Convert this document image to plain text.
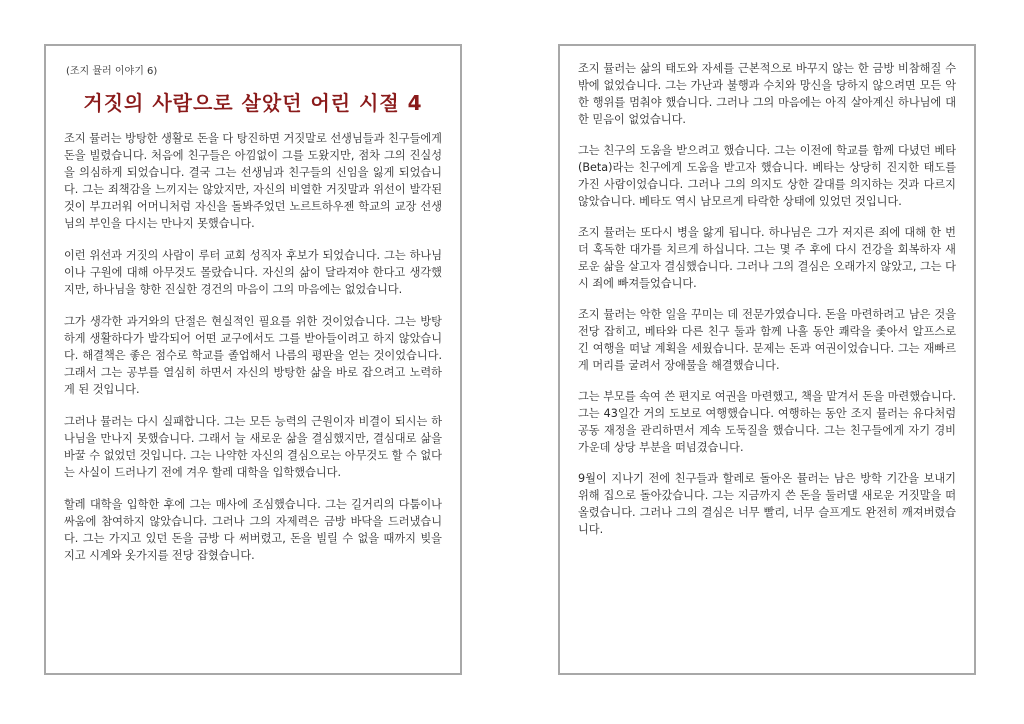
(조지 뮬러 이야기 6)
거짓의 사람으로 살았던 어린 시절 4

조지 뮬러는 방탕한 생활로 돈을 다 탕진하면 거짓말로 선생님들과 친구들에게 돈을 빌렸습니다. 처음에 친구들은 아낌없이 그를 도왔지만, 점차 그의 진실성을 의심하게 되었습니다. 결국 그는 선생님과 친구들의 신임을 잃게 되었습니다. 그는 죄책감을 느끼지는 않았지만, 자신의 비열한 거짓말과 위선이 발각된 것이 부끄러워 어머니처럼 자신을 돌봐주었던 노르트하우젠 학교의 교장 선생님의 부인을 다시는 만나지 못했습니다.

이런 위선과 거짓의 사람이 루터 교회 성직자 후보가 되었습니다. 그는 하나님이나 구원에 대해 아무것도 몰랐습니다. 자신의 삶이 달라져야 한다고 생각했지만, 하나님을 향한 진실한 경건의 마음이 그의 마음에는 없었습니다.

그가 생각한 과거와의 단절은 현실적인 필요를 위한 것이었습니다. 그는 방탕하게 생활하다가 발각되어 어떤 교구에서도 그를 받아들이려고 하지 않았습니다. 해결책은 좋은 점수로 학교를 졸업해서 나름의 평판을 얻는 것이었습니다. 그래서 그는 공부를 열심히 하면서 자신의 방탕한 삶을 바로 잡으려고 노력하게 된 것입니다.

그러나 뮬러는 다시 실패합니다. 그는 모든 능력의 근원이자 비결이 되시는 하나님을 만나지 못했습니다. 그래서 늘 새로운 삶을 결심했지만, 결심대로 삶을 바꿀 수 없었던 것입니다. 그는 나약한 자신의 결심으로는 아무것도 할 수 없다는 사실이 드러나기 전에 겨우 할레 대학을 입학했습니다.

할레 대학을 입학한 후에 그는 매사에 조심했습니다. 그는 길거리의 다툼이나 싸움에 참여하지 않았습니다. 그러나 그의 자제력은 금방 바닥을 드러냈습니다. 그는 가지고 있던 돈을 금방 다 써버렸고, 돈을 빌릴 수 없을 때까지 빚을 지고 시계와 옷가지를 전당 잡혔습니다.

조지 뮬러는 삶의 태도와 자세를 근본적으로 바꾸지 않는 한 금방 비참해질 수밖에 없었습니다. 그는 가난과 불행과 수치와 망신을 당하지 않으려면 모든 악한 행위를 멈춰야 했습니다. 그러나 그의 마음에는 아직 살아계신 하나님에 대한 믿음이 없었습니다.

그는 친구의 도움을 받으려고 했습니다. 그는 이전에 학교를 함께 다녔던 베타(Beta)라는 친구에게 도움을 받고자 했습니다. 베타는 상당히 진지한 태도를 가진 사람이었습니다. 그러나 그의 의지도 상한 갈대를 의지하는 것과 다르지 않았습니다. 베타도 역시 남모르게 타락한 상태에 있었던 것입니다.

조지 뮬러는 또다시 병을 앓게 됩니다. 하나님은 그가 저지른 죄에 대해 한 번 더 혹독한 대가를 치르게 하십니다. 그는 몇 주 후에 다시 건강을 회복하자 새로운 삶을 살고자 결심했습니다. 그러나 그의 결심은 오래가지 않았고, 그는 다시 죄에 빠져들었습니다.

조지 뮬러는 악한 일을 꾸미는 데 전문가였습니다. 돈을 마련하려고 남은 것을 전당 잡히고, 베타와 다른 친구 둘과 함께 나흘 동안 쾌락을 좇아서 알프스로 긴 여행을 떠날 계획을 세웠습니다. 문제는 돈과 여권이었습니다. 그는 재빠르게 머리를 굴려서 장애물을 해결했습니다.

그는 부모를 속여 쓴 편지로 여권을 마련했고, 책을 맡겨서 돈을 마련했습니다. 그는 43일간 거의 도보로 여행했습니다. 여행하는 동안 조지 뮬러는 유다처럼 공동 재정을 관리하면서 계속 도둑질을 했습니다. 그는 친구들에게 자기 경비 가운데 상당 부분을 떠넘겼습니다.

9월이 지나기 전에 친구들과 할레로 돌아온 뮬러는 남은 방학 기간을 보내기 위해 집으로 돌아갔습니다. 그는 지금까지 쓴 돈을 둘러댈 새로운 거짓말을 떠올렸습니다. 그러나 그의 결심은 너무 빨리, 너무 슬프게도 완전히 깨져버렸습니다.
